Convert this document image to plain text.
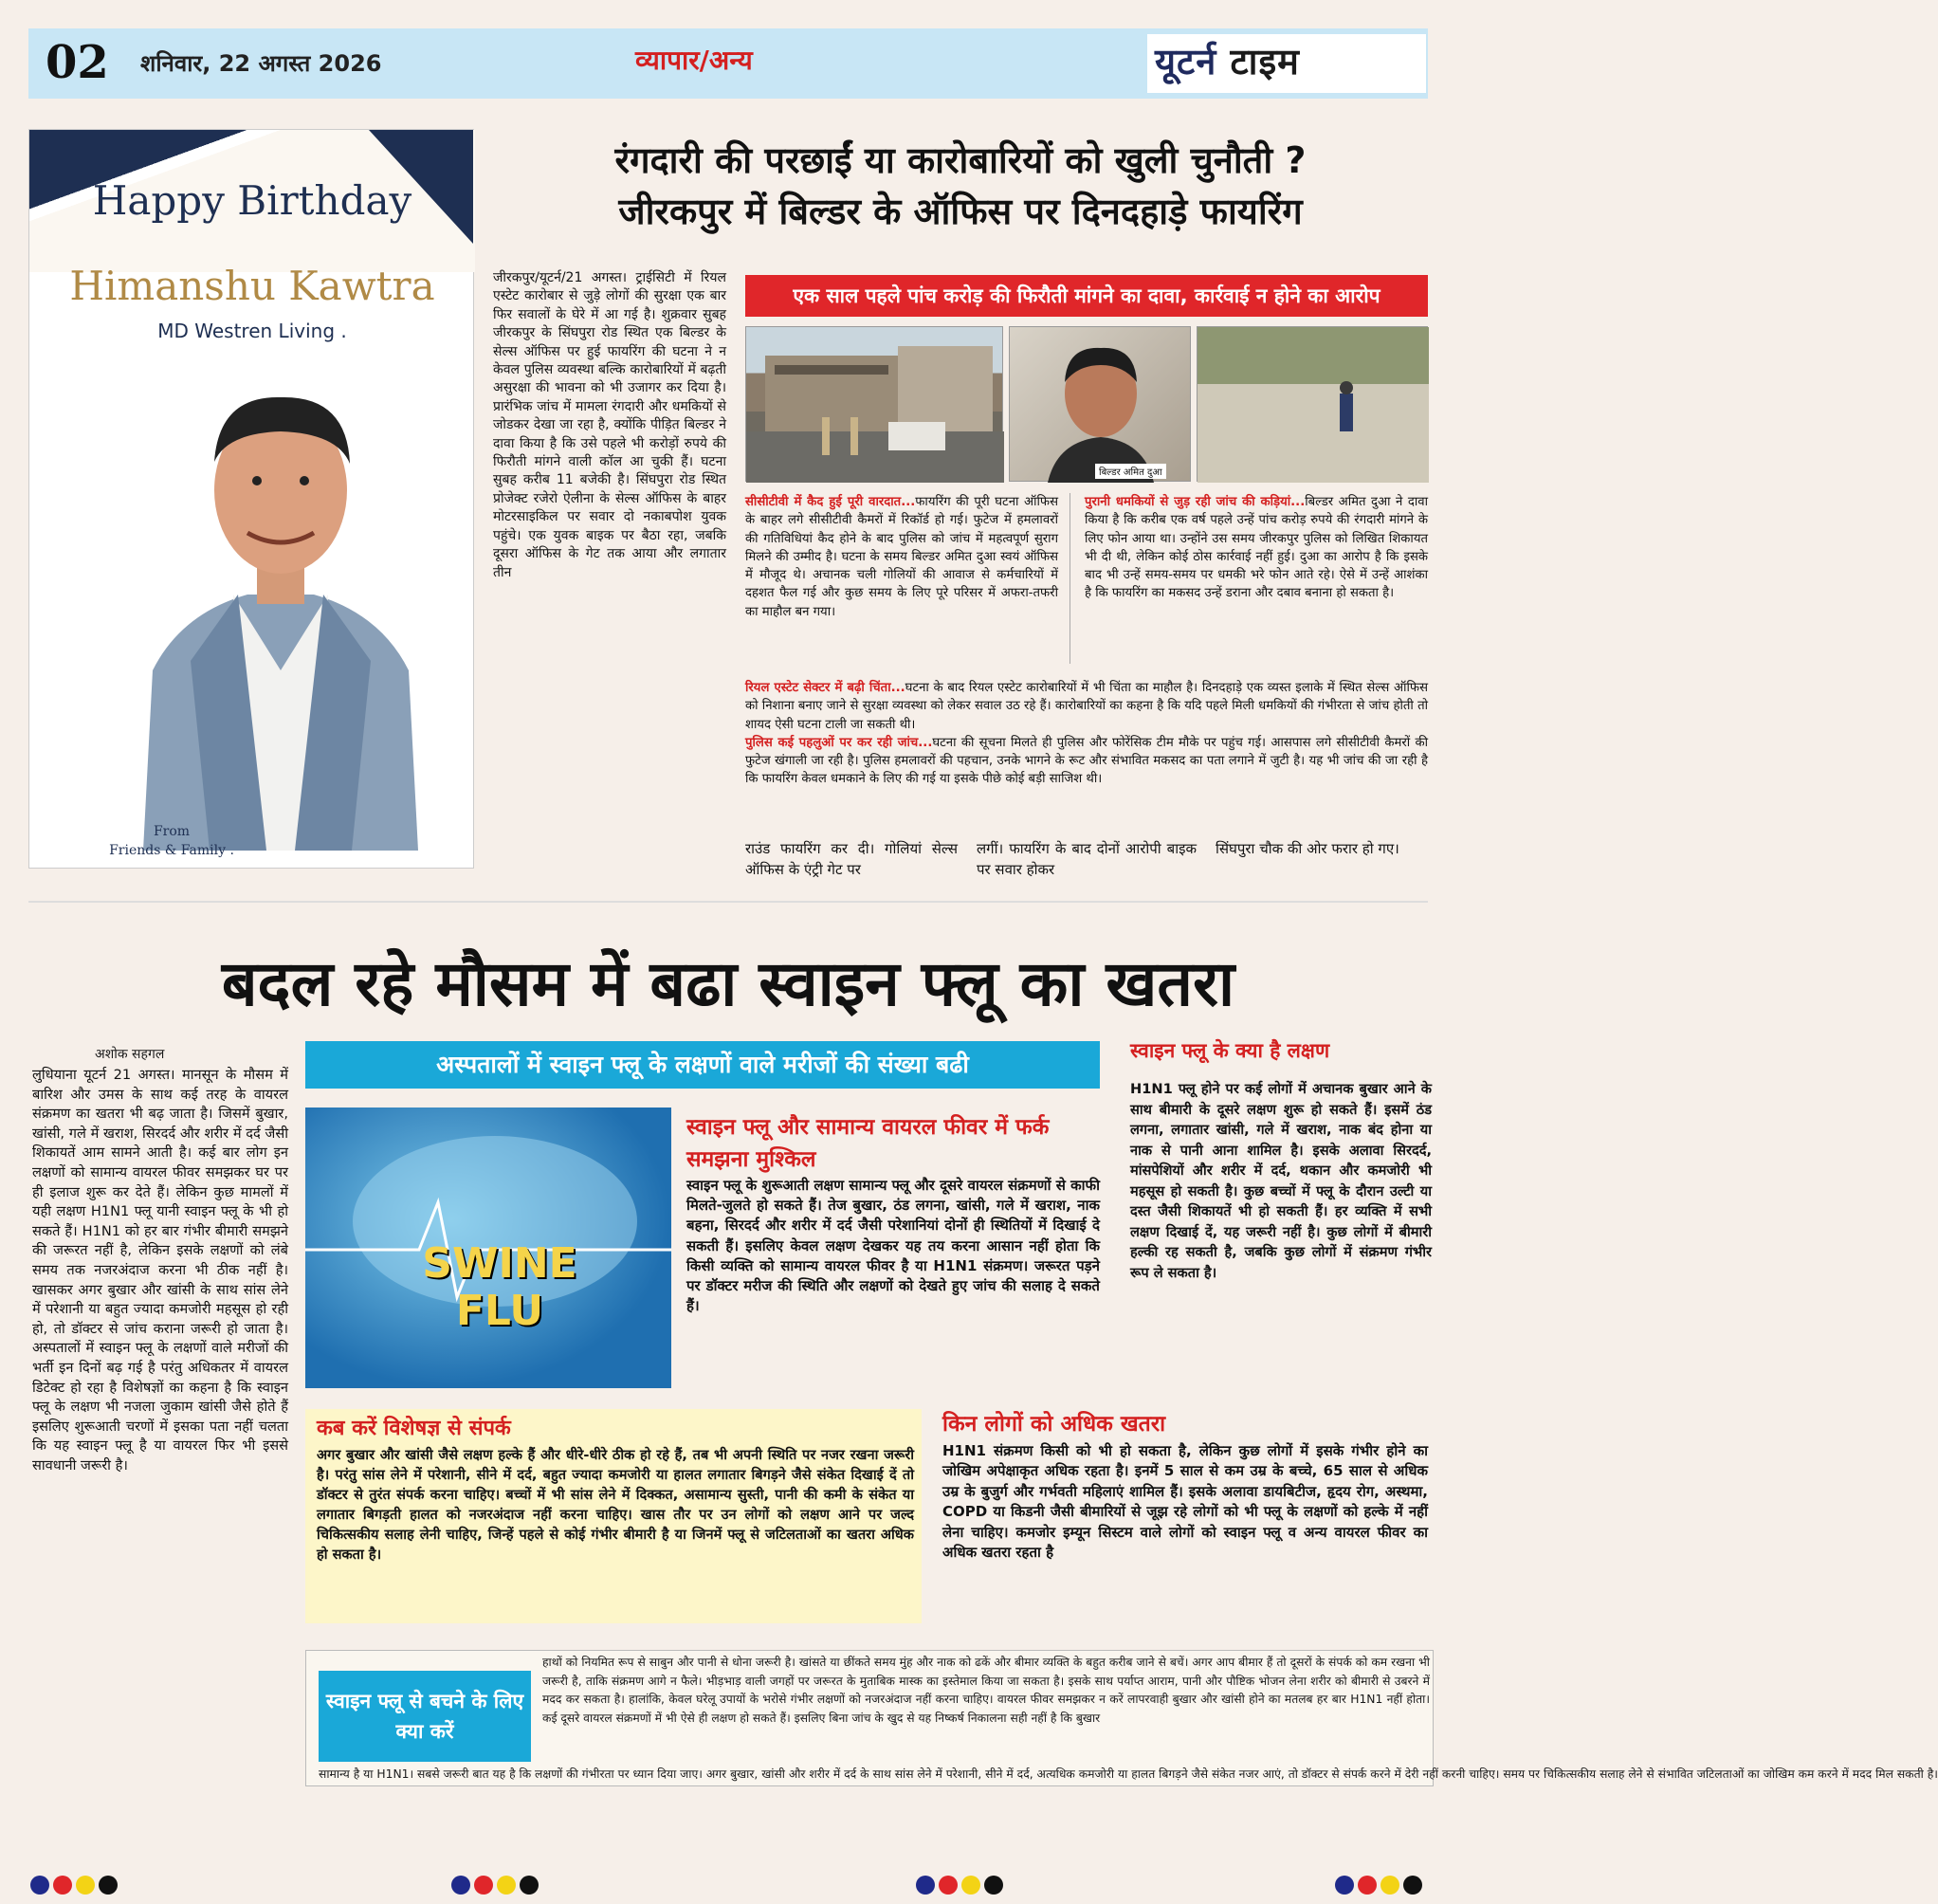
02 शनिवार, 22 अगस्त 2026	व्यापार/अन्य	यूटर्न टाइम
Happy Birthday
Himanshu Kawtra
MD Westren Living .
From
Friends & Family .
रंगदारी की परछाईं या कारोबारियों को खुली चुनौती ?
जीरकपुर में बिल्डर के ऑफिस पर दिनदहाड़े फायरिंग
जीरकपुर/यूटर्न/21 अगस्त। ट्राईसिटी में रियल एस्टेट कारोबार से जुड़े लोगों की सुरक्षा एक बार फिर सवालों के घेरे में आ गई है। शुक्रवार सुबह जीरकपुर के सिंघपुरा रोड स्थित एक बिल्डर के सेल्स ऑफिस पर हुई फायरिंग की घटना ने न केवल पुलिस व्यवस्था बल्कि कारोबारियों में बढ़ती असुरक्षा की भावना को भी उजागर कर दिया है। प्रारंभिक जांच में मामला रंगदारी और धमकियों से जोडकर देखा जा रहा है, क्योंकि पीड़ित बिल्डर ने दावा किया है कि उसे पहले भी करोड़ों रुपये की फिरौती मांगने वाली कॉल आ चुकी हैं। घटना सुबह करीब 11 बजेकी है। सिंघपुरा रोड स्थित प्रोजेक्ट रजेरो ऐलीना के सेल्स ऑफिस के बाहर मोटरसाइकिल पर सवार दो नकाबपोश युवक पहुंचे। एक युवक बाइक पर बैठा रहा, जबकि दूसरा ऑफिस के गेट तक आया और लगातार तीन
एक साल पहले पांच करोड़ की फिरौती मांगने का दावा, कार्रवाई न होने का आरोप
बिल्डर अमित दुआ
सीसीटीवी में कैद हुई पूरी वारदात...फायरिंग की पूरी घटना ऑफिस के बाहर लगे सीसीटीवी कैमरों में रिकॉर्ड हो गई। फुटेज में हमलावरों की गतिविधियां कैद होने के बाद पुलिस को जांच में महत्वपूर्ण सुराग मिलने की उम्मीद है। घटना के समय बिल्डर अमित दुआ स्वयं ऑफिस में मौजूद थे। अचानक चली गोलियों की आवाज से कर्मचारियों में दहशत फैल गई और कुछ समय के लिए पूरे परिसर में अफरा-तफरी का माहौल बन गया।
पुरानी धमकियों से जुड़ रही जांच की कड़ियां...बिल्डर अमित दुआ ने दावा किया है कि करीब एक वर्ष पहले उन्हें पांच करोड़ रुपये की रंगदारी मांगने के लिए फोन आया था। उन्होंने उस समय जीरकपुर पुलिस को लिखित शिकायत भी दी थी, लेकिन कोई ठोस कार्रवाई नहीं हुई। दुआ का आरोप है कि इसके बाद भी उन्हें समय-समय पर धमकी भरे फोन आते रहे। ऐसे में उन्हें आशंका है कि फायरिंग का मकसद उन्हें डराना और दबाव बनाना हो सकता है।
रियल एस्टेट सेक्टर में बढ़ी चिंता...घटना के बाद रियल एस्टेट कारोबारियों में भी चिंता का माहौल है। दिनदहाड़े एक व्यस्त इलाके में स्थित सेल्स ऑफिस को निशाना बनाए जाने से सुरक्षा व्यवस्था को लेकर सवाल उठ रहे हैं। कारोबारियों का कहना है कि यदि पहले मिली धमकियों की गंभीरता से जांच होती तो शायद ऐसी घटना टाली जा सकती थी।
पुलिस कई पहलुओं पर कर रही जांच...घटना की सूचना मिलते ही पुलिस और फोरेंसिक टीम मौके पर पहुंच गई। आसपास लगे सीसीटीवी कैमरों की फुटेज खंगाली जा रही है। पुलिस हमलावरों की पहचान, उनके भागने के रूट और संभावित मकसद का पता लगाने में जुटी है। यह भी जांच की जा रही है कि फायरिंग केवल धमकाने के लिए की गई या इसके पीछे कोई बड़ी साजिश थी।
राउंड फायरिंग कर दी। गोलियां सेल्स ऑफिस के एंट्री गेट पर
लगीं। फायरिंग के बाद दोनों आरोपी बाइक पर सवार होकर
सिंघपुरा चौक की ओर फरार हो गए।
बदल रहे मौसम में बढा स्वाइन फ्लू का खतरा
अशोक सहगल
लुधियाना यूटर्न 21 अगस्त। मानसून के मौसम में बारिश और उमस के साथ कई तरह के वायरल संक्रमण का खतरा भी बढ़ जाता है। जिसमें बुखार, खांसी, गले में खराश, सिरदर्द और शरीर में दर्द जैसी शिकायतें आम सामने आती है। कई बार लोग इन लक्षणों को सामान्य वायरल फीवर समझकर घर पर ही इलाज शुरू कर देते हैं। लेकिन कुछ मामलों में यही लक्षण H1N1 फ्लू यानी स्वाइन फ्लू के भी हो सकते हैं। H1N1 को हर बार गंभीर बीमारी समझने की जरूरत नहीं है, लेकिन इसके लक्षणों को लंबे समय तक नजरअंदाज करना भी ठीक नहीं है। खासकर अगर बुखार और खांसी के साथ सांस लेने में परेशानी या बहुत ज्यादा कमजोरी महसूस हो रही हो, तो डॉक्टर से जांच कराना जरूरी हो जाता है। अस्पतालों में स्वाइन फ्लू के लक्षणों वाले मरीजों की भर्ती इन दिनों बढ़ गई है परंतु अधिकतर में वायरल डिटेक्ट हो रहा है विशेषज्ञों का कहना है कि स्वाइन फ्लू के लक्षण भी नजला जुकाम खांसी जैसे होते हैं इसलिए शुरूआती चरणों में इसका पता नहीं चलता कि यह स्वाइन फ्लू है या वायरल फिर भी इससे सावधानी जरूरी है।
अस्पतालों में स्वाइन फ्लू के लक्षणों वाले मरीजों की संख्या बढी
SWINE
FLU
स्वाइन फ्लू और सामान्य वायरल फीवर में फर्क समझना मुश्किल
स्वाइन फ्लू के शुरूआती लक्षण सामान्य फ्लू और दूसरे वायरल संक्रमणों से काफी मिलते-जुलते हो सकते हैं। तेज बुखार, ठंड लगना, खांसी, गले में खराश, नाक बहना, सिरदर्द और शरीर में दर्द जैसी परेशानियां दोनों ही स्थितियों में दिखाई दे सकती हैं। इसलिए केवल लक्षण देखकर यह तय करना आसान नहीं होता कि किसी व्यक्ति को सामान्य वायरल फीवर है या H1N1 संक्रमण। जरूरत पड़ने पर डॉक्टर मरीज की स्थिति और लक्षणों को देखते हुए जांच की सलाह दे सकते हैं।
स्वाइन फ्लू के क्या है लक्षण
H1N1 फ्लू होने पर कई लोगों में अचानक बुखार आने के साथ बीमारी के दूसरे लक्षण शुरू हो सकते हैं। इसमें ठंड लगना, लगातार खांसी, गले में खराश, नाक बंद होना या नाक से पानी आना शामिल है। इसके अलावा सिरदर्द, मांसपेशियों और शरीर में दर्द, थकान और कमजोरी भी महसूस हो सकती है। कुछ बच्चों में फ्लू के दौरान उल्टी या दस्त जैसी शिकायतें भी हो सकती हैं। हर व्यक्ति में सभी लक्षण दिखाई दें, यह जरूरी नहीं है। कुछ लोगों में बीमारी हल्की रह सकती है, जबकि कुछ लोगों में संक्रमण गंभीर रूप ले सकता है।
कब करें विशेषज्ञ से संपर्क
अगर बुखार और खांसी जैसे लक्षण हल्के हैं और धीरे-धीरे ठीक हो रहे हैं, तब भी अपनी स्थिति पर नजर रखना जरूरी है। परंतु सांस लेने में परेशानी, सीने में दर्द, बहुत ज्यादा कमजोरी या हालत लगातार बिगड़ने जैसे संकेत दिखाई दें तो डॉक्टर से तुरंत संपर्क करना चाहिए। बच्चों में भी सांस लेने में दिक्कत, असामान्य सुस्ती, पानी की कमी के संकेत या लगातार बिगड़ती हालत को नजरअंदाज नहीं करना चाहिए। खास तौर पर उन लोगों को लक्षण आने पर जल्द चिकित्सकीय सलाह लेनी चाहिए, जिन्हें पहले से कोई गंभीर बीमारी है या जिनमें फ्लू से जटिलताओं का खतरा अधिक हो सकता है।
किन लोगों को अधिक खतरा
H1N1 संक्रमण किसी को भी हो सकता है, लेकिन कुछ लोगों में इसके गंभीर होने का जोखिम अपेक्षाकृत अधिक रहता है। इनमें 5 साल से कम उम्र के बच्चे, 65 साल से अधिक उम्र के बुजुर्ग और गर्भवती महिलाएं शामिल हैं। इसके अलावा डायबिटीज, हृदय रोग, अस्थमा, COPD या किडनी जैसी बीमारियों से जूझ रहे लोगों को भी फ्लू के लक्षणों को हल्के में नहीं लेना चाहिए। कमजोर इम्यून सिस्टम वाले लोगों को स्वाइन फ्लू व अन्य वायरल फीवर का अधिक खतरा रहता है
स्वाइन फ्लू से बचने के लिए क्या करें
हाथों को नियमित रूप से साबुन और पानी से धोना जरूरी है। खांसते या छींकते समय मुंह और नाक को ढकें और बीमार व्यक्ति के बहुत करीब जाने से बचें। अगर आप बीमार हैं तो दूसरों के संपर्क को कम रखना भी जरूरी है, ताकि संक्रमण आगे न फैले। भीड़भाड़ वाली जगहों पर जरूरत के मुताबिक मास्क का इस्तेमाल किया जा सकता है। इसके साथ पर्याप्त आराम, पानी और पौष्टिक भोजन लेना शरीर को बीमारी से उबरने में मदद कर सकता है। हालांकि, केवल घरेलू उपायों के भरोसे गंभीर लक्षणों को नजरअंदाज नहीं करना चाहिए। वायरल फीवर समझकर न करें लापरवाही बुखार और खांसी होने का मतलब हर बार H1N1 नहीं होता। कई दूसरे वायरल संक्रमणों में भी ऐसे ही लक्षण हो सकते हैं। इसलिए बिना जांच के खुद से यह निष्कर्ष निकालना सही नहीं है कि बुखार
सामान्य है या H1N1। सबसे जरूरी बात यह है कि लक्षणों की गंभीरता पर ध्यान दिया जाए। अगर बुखार, खांसी और शरीर में दर्द के साथ सांस लेने में परेशानी, सीने में दर्द, अत्यधिक कमजोरी या हालत बिगड़ने जैसे संकेत नजर आएं, तो डॉक्टर से संपर्क करने में देरी नहीं करनी चाहिए। समय पर चिकित्सकीय सलाह लेने से संभावित जटिलताओं का जोखिम कम करने में मदद मिल सकती है।
